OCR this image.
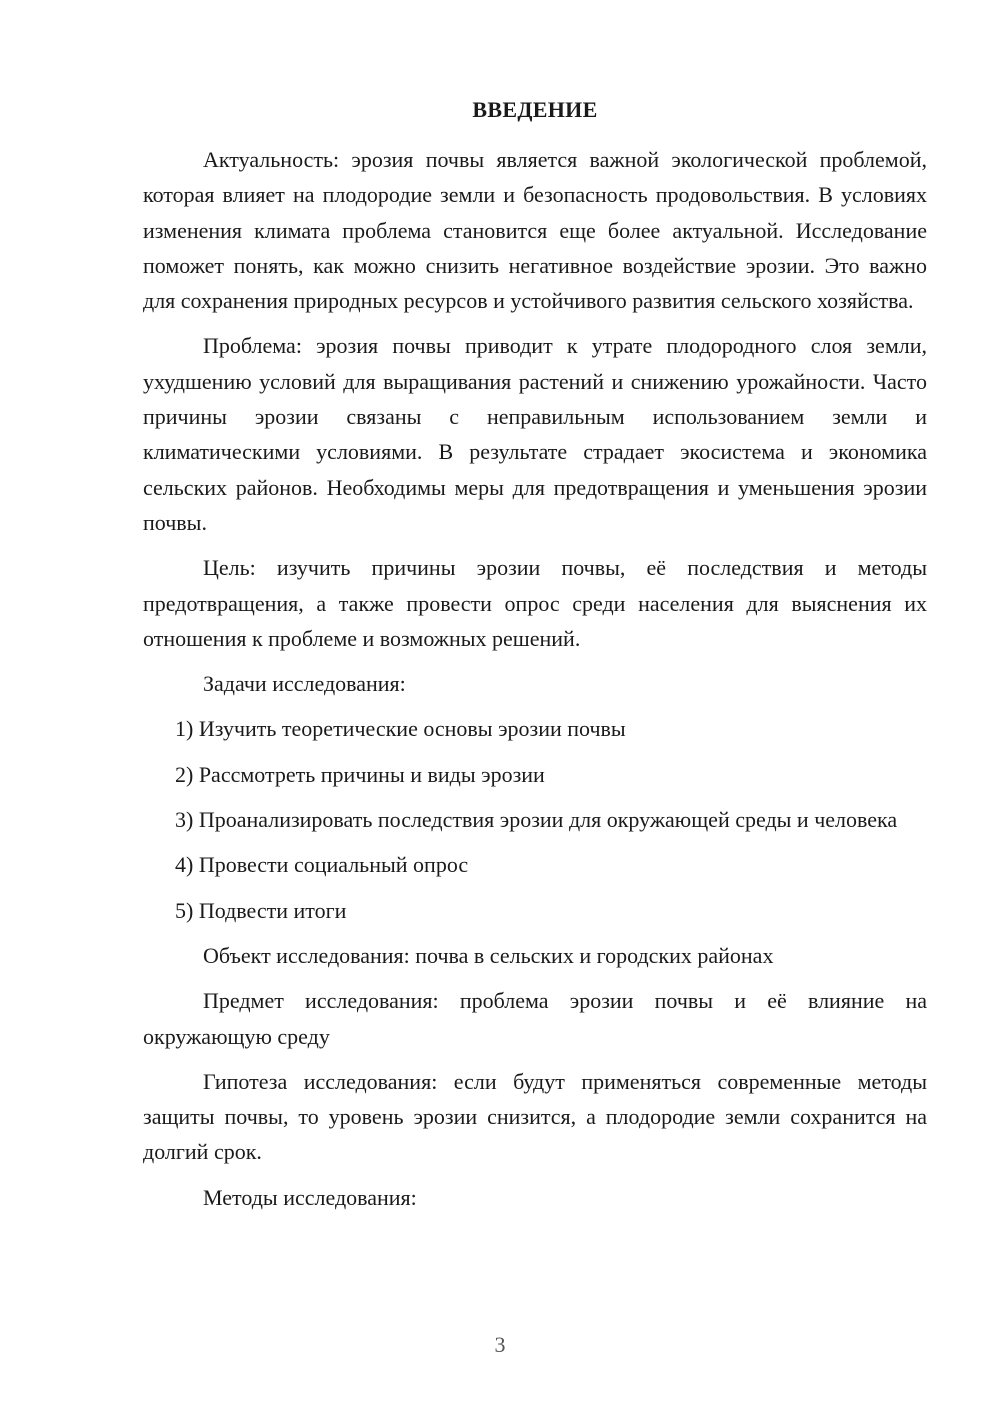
ВВЕДЕНИЕ

Актуальность: эрозия почвы является важной экологической проблемой, которая влияет на плодородие земли и безопасность продовольствия. В условиях изменения климата проблема становится еще более актуальной. Исследование поможет понять, как можно снизить негативное воздействие эрозии. Это важно для сохранения природных ресурсов и устойчивого развития сельского хозяйства.

Проблема: эрозия почвы приводит к утрате плодородного слоя земли, ухудшению условий для выращивания растений и снижению урожайности. Часто причины эрозии связаны с неправильным использованием земли и климатическими условиями. В результате страдает экосистема и экономика сельских районов. Необходимы меры для предотвращения и уменьшения эрозии почвы.

Цель: изучить причины эрозии почвы, её последствия и методы предотвращения, а также провести опрос среди населения для выяснения их отношения к проблеме и возможных решений.

Задачи исследования:

1) Изучить теоретические основы эрозии почвы

2) Рассмотреть причины и виды эрозии

3) Проанализировать последствия эрозии для окружающей среды и человека

4) Провести социальный опрос

5) Подвести итоги

Объект исследования: почва в сельских и городских районах

Предмет исследования: проблема эрозии почвы и её влияние на окружающую среду

Гипотеза исследования: если будут применяться современные методы защиты почвы, то уровень эрозии снизится, а плодородие земли сохранится на долгий срок.

Методы исследования:

3
